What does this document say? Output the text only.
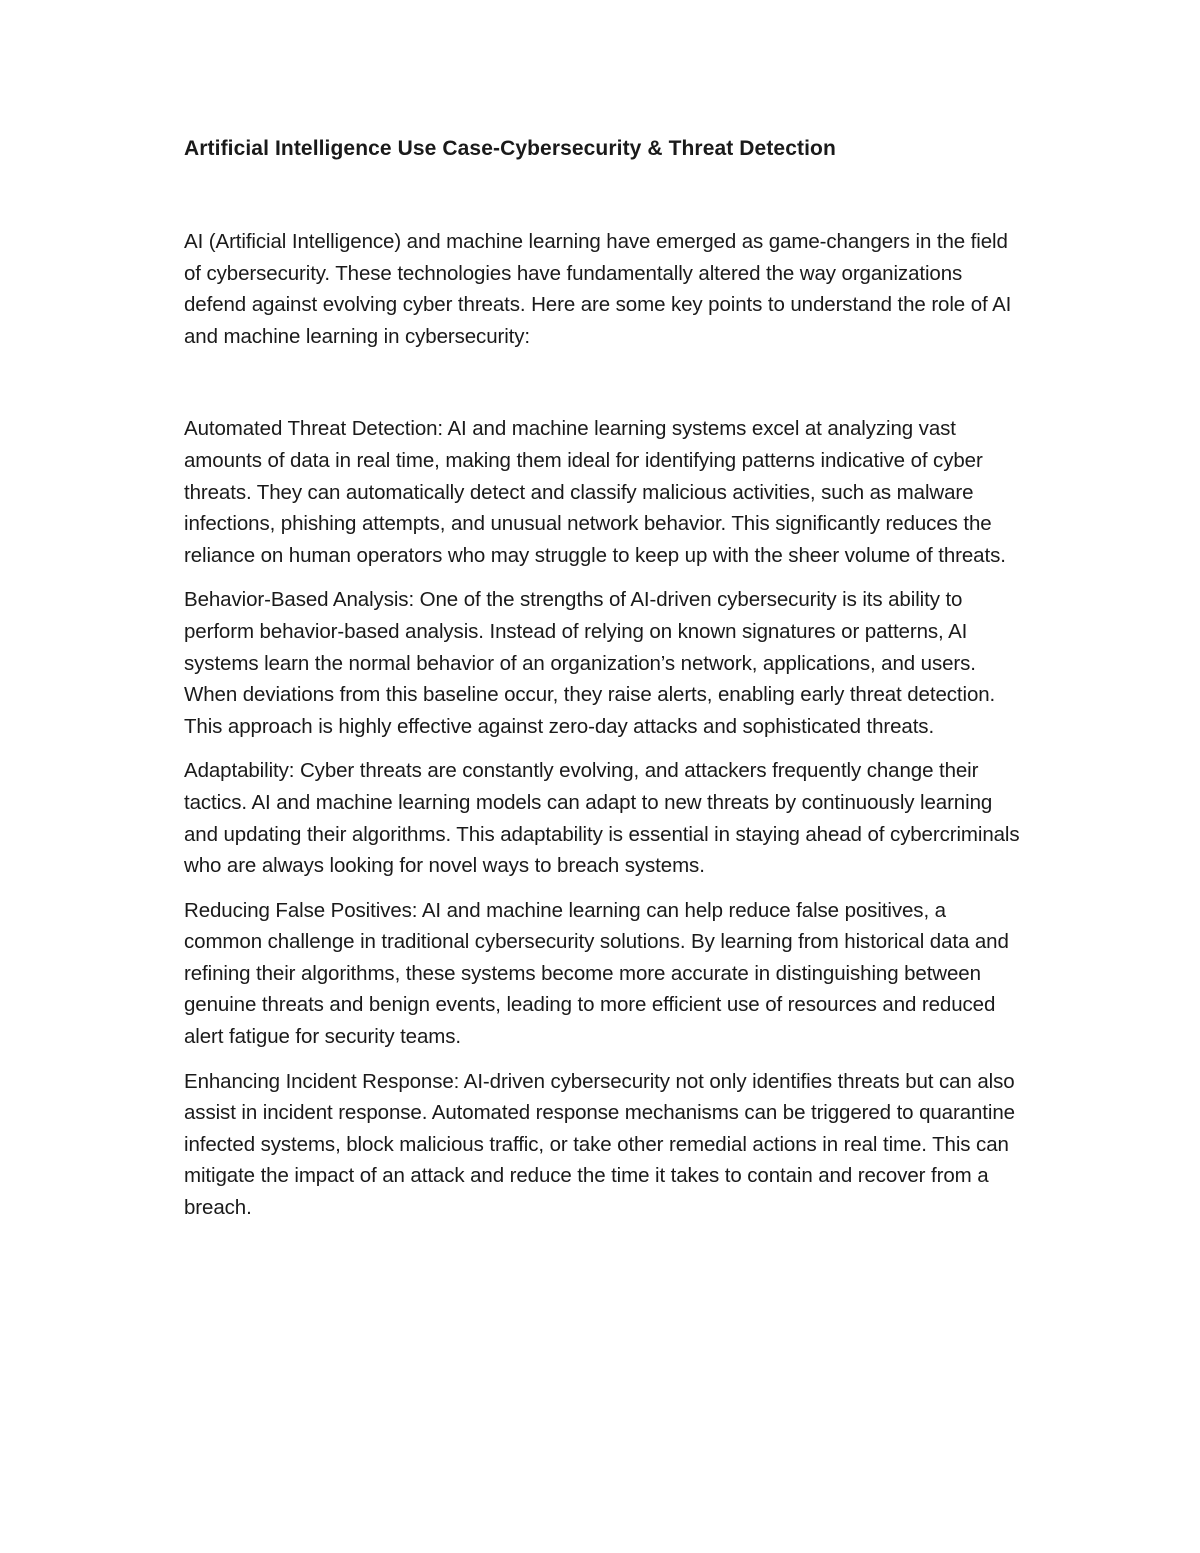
Artificial Intelligence Use Case-Cybersecurity & Threat Detection

AI (Artificial Intelligence) and machine learning have emerged as game-changers in the field of cybersecurity. These technologies have fundamentally altered the way organizations defend against evolving cyber threats. Here are some key points to understand the role of AI and machine learning in cybersecurity:

Automated Threat Detection: AI and machine learning systems excel at analyzing vast amounts of data in real time, making them ideal for identifying patterns indicative of cyber threats. They can automatically detect and classify malicious activities, such as malware infections, phishing attempts, and unusual network behavior. This significantly reduces the reliance on human operators who may struggle to keep up with the sheer volume of threats.

Behavior-Based Analysis: One of the strengths of AI-driven cybersecurity is its ability to perform behavior-based analysis. Instead of relying on known signatures or patterns, AI systems learn the normal behavior of an organization’s network, applications, and users. When deviations from this baseline occur, they raise alerts, enabling early threat detection. This approach is highly effective against zero-day attacks and sophisticated threats.

Adaptability: Cyber threats are constantly evolving, and attackers frequently change their tactics. AI and machine learning models can adapt to new threats by continuously learning and updating their algorithms. This adaptability is essential in staying ahead of cybercriminals who are always looking for novel ways to breach systems.

Reducing False Positives: AI and machine learning can help reduce false positives, a common challenge in traditional cybersecurity solutions. By learning from historical data and refining their algorithms, these systems become more accurate in distinguishing between genuine threats and benign events, leading to more efficient use of resources and reduced alert fatigue for security teams.

Enhancing Incident Response: AI-driven cybersecurity not only identifies threats but can also assist in incident response. Automated response mechanisms can be triggered to quarantine infected systems, block malicious traffic, or take other remedial actions in real time. This can mitigate the impact of an attack and reduce the time it takes to contain and recover from a breach.
